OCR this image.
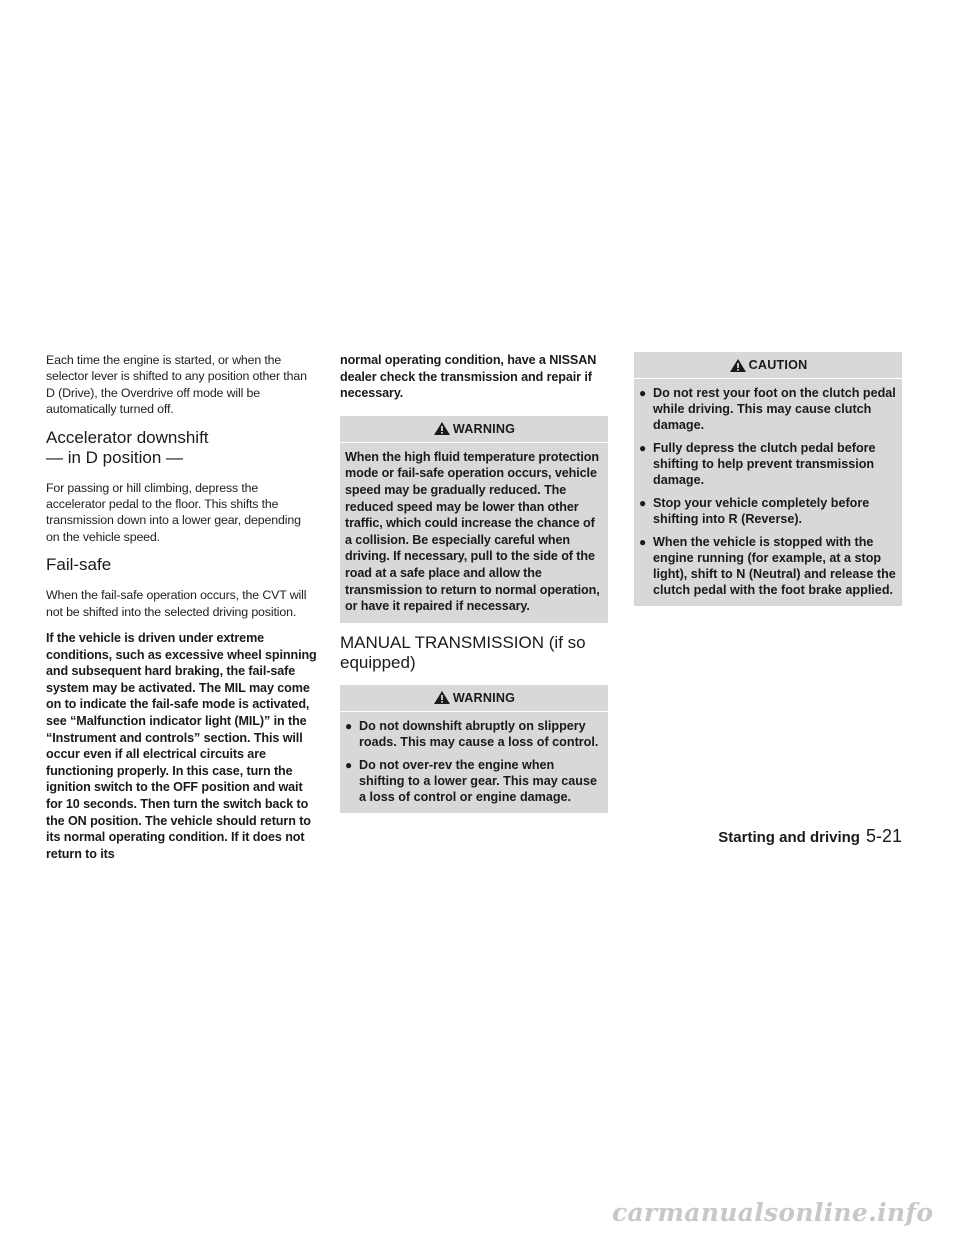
Each time the engine is started, or when the selector lever is shifted to any position other than D (Drive), the Overdrive off mode will be automatically turned off.

Accelerator downshift
— in D position —

For passing or hill climbing, depress the accelerator pedal to the floor. This shifts the transmission down into a lower gear, depending on the vehicle speed.

Fail-safe

When the fail-safe operation occurs, the CVT will not be shifted into the selected driving position.

If the vehicle is driven under extreme conditions, such as excessive wheel spinning and subsequent hard braking, the fail-safe system may be activated. The MIL may come on to indicate the fail-safe mode is activated, see “Malfunction indicator light (MIL)” in the “Instrument and controls” section. This will occur even if all electrical circuits are functioning properly. In this case, turn the ignition switch to the OFF position and wait for 10 seconds. Then turn the switch back to the ON position. The vehicle should return to its normal operating condition. If it does not return to its

normal operating condition, have a NISSAN dealer check the transmission and repair if necessary.

WARNING

When the high fluid temperature protection mode or fail-safe operation occurs, vehicle speed may be gradually reduced. The reduced speed may be lower than other traffic, which could increase the chance of a collision. Be especially careful when driving. If necessary, pull to the side of the road at a safe place and allow the transmission to return to normal operation, or have it repaired if necessary.

MANUAL TRANSMISSION (if so equipped)
WARNING
● Do not downshift abruptly on slippery roads. This may cause a loss of control.
● Do not over-rev the engine when shifting to a lower gear. This may cause a loss of control or engine damage.
CAUTION
● Do not rest your foot on the clutch pedal while driving. This may cause clutch damage.
● Fully depress the clutch pedal before shifting to help prevent transmission damage.
● Stop your vehicle completely before shifting into R (Reverse).
● When the vehicle is stopped with the engine running (for example, at a stop light), shift to N (Neutral) and release the clutch pedal with the foot brake applied.
Starting and driving 5-21
carmanualsonline.info
